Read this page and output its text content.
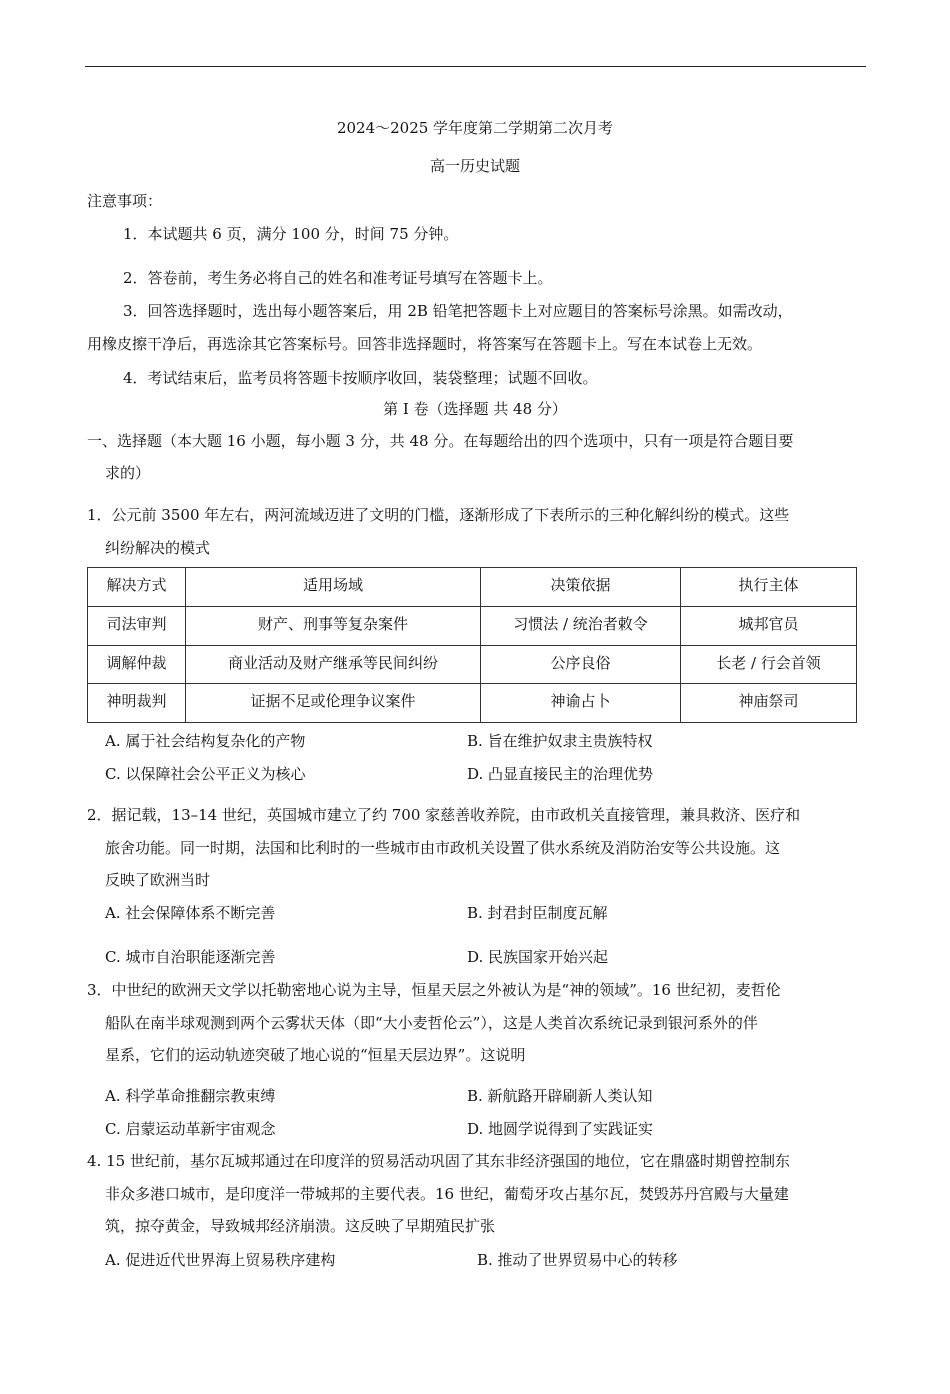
2024～2025 学年度第二学期第二次月考
高一历史试题
注意事项：
1．本试题共 6 页，满分 100 分，时间 75 分钟。
2．答卷前，考生务必将自己的姓名和准考证号填写在答题卡上。
3．回答选择题时，选出每小题答案后，用 2B 铅笔把答题卡上对应题目的答案标号涂黑。如需改动，
用橡皮擦干净后，再选涂其它答案标号。回答非选择题时，将答案写在答题卡上。写在本试卷上无效。
4．考试结束后，监考员将答题卡按顺序收回，装袋整理；试题不回收。
第 I 卷（选择题 共 48 分）
一、选择题（本大题 16 小题，每小题 3 分，共 48 分。在每题给出的四个选项中，只有一项是符合题目要
求的）
1．公元前 3500 年左右，两河流域迈进了文明的门槛，逐渐形成了下表所示的三种化解纠纷的模式。这些
纠纷解决的模式
解决方式	适用场域	决策依据	执行主体
司法审判	财产、刑事等复杂案件	习惯法 / 统治者敕令	城邦官员
调解仲裁	商业活动及财产继承等民间纠纷	公序良俗	长老 / 行会首领
神明裁判	证据不足或伦理争议案件	神谕占卜	神庙祭司
A. 属于社会结构复杂化的产物	B. 旨在维护奴隶主贵族特权
C. 以保障社会公平正义为核心	D. 凸显直接民主的治理优势
2．据记载，13–14 世纪，英国城市建立了约 700 家慈善收养院，由市政机关直接管理，兼具救济、医疗和
旅舍功能。同一时期，法国和比利时的一些城市由市政机关设置了供水系统及消防治安等公共设施。这
反映了欧洲当时
A. 社会保障体系不断完善	B. 封君封臣制度瓦解
C. 城市自治职能逐渐完善	D. 民族国家开始兴起
3．中世纪的欧洲天文学以托勒密地心说为主导，恒星天层之外被认为是“神的领域”。16 世纪初，麦哲伦
船队在南半球观测到两个云雾状天体（即“大小麦哲伦云”），这是人类首次系统记录到银河系外的伴
星系，它们的运动轨迹突破了地心说的“恒星天层边界”。这说明
A. 科学革命推翻宗教束缚	B. 新航路开辟刷新人类认知
C. 启蒙运动革新宇宙观念	D. 地圆学说得到了实践证实
4. 15 世纪前，基尔瓦城邦通过在印度洋的贸易活动巩固了其东非经济强国的地位，它在鼎盛时期曾控制东
非众多港口城市，是印度洋一带城邦的主要代表。16 世纪，葡萄牙攻占基尔瓦，焚毁苏丹宫殿与大量建
筑，掠夺黄金，导致城邦经济崩溃。这反映了早期殖民扩张
A. 促进近代世界海上贸易秩序建构	B. 推动了世界贸易中心的转移
